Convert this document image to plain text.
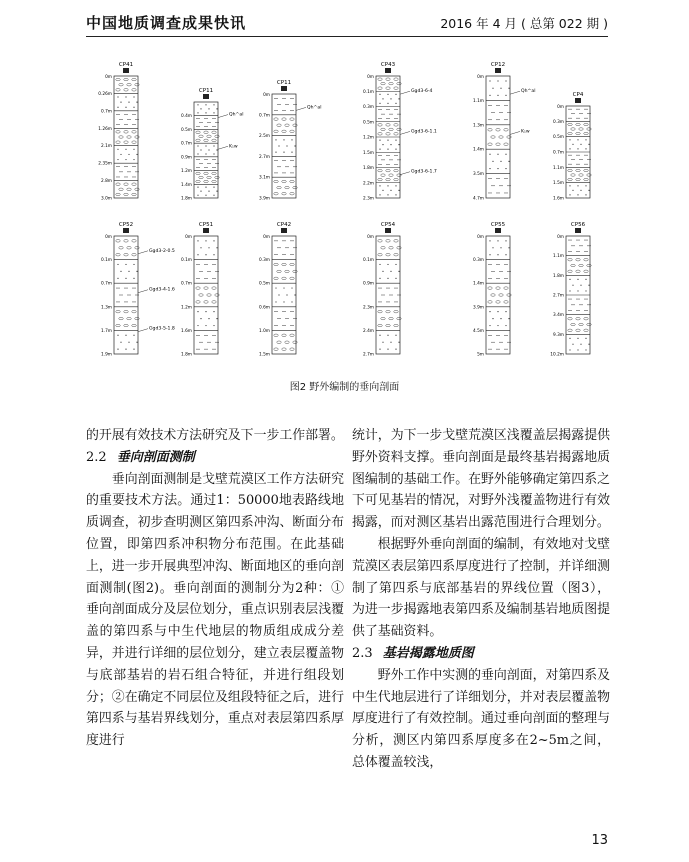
中国地质调查成果快讯	2016 年 4 月 ( 总第 022 期 )
CP41
0m
0.26m
0.7m
1.26m
2.1m
2.35m
2.8m
3.0m
CP11
0.4m
0.5m
0.7m
0.9m
1.2m
1.4m
1.8m
Qh^al
K₁w
CP11
0m
0.7m
2.5m
2.7m
3.1m
3.9m
Qh^al
CP43
0m
0.1m
0.3m
0.5m
1.2m
1.5m
1.8m
2.2m
2.3m
Ggd3-6-4
Ggd3-6-1.1
Ggd3-6-1.7
CP12
0m
1.1m
1.3m
1.4m
3.5m
4.7m
Qh^al
K₁w
CP4
0m
0.3m
0.5m
0.7m
1.1m
1.5m
1.6m
CP52
0m
0.1m
0.7m
1.3m
1.7m
1.9m
Ggd3-2-0.5
Ggd3-4-1.6
Ggd3-5-1.8
CP51
0m
0.1m
0.7m
1.2m
1.6m
1.8m
CP42
0m
0.3m
0.5m
0.6m
1.0m
1.5m
CP54
0m
0.1m
0.9m
2.3m
2.4m
2.7m
CP55
0m
0.3m
1.4m
3.9m
4.5m
5m
CP56
0m
1.1m
1.8m
2.7m
3.4m
9.3m
10.2m
图2 野外编制的垂向剖面

的开展有效技术方法研究及下一步工作部署。

2.2 垂向剖面测制

垂向剖面测制是戈壁荒漠区工作方法研究的重要技术方法。通过1：50000地表路线地质调查，初步查明测区第四系冲沟、断面分布位置，即第四系冲积物分布范围。在此基础上，进一步开展典型冲沟、断面地区的垂向剖面测制(图2)。垂向剖面的测制分为2种：①垂向剖面成分及层位划分，重点识别表层浅覆盖的第四系与中生代地层的物质组成成分差异，并进行详细的层位划分，建立表层覆盖物与底部基岩的岩石组合特征，并进行组段划分；②在确定不同层位及组段特征之后，进行第四系与基岩界线划分，重点对表层第四系厚度进行

统计，为下一步戈壁荒漠区浅覆盖层揭露提供野外资料支撑。垂向剖面是最终基岩揭露地质图编制的基础工作。在野外能够确定第四系之下可见基岩的情况，对野外浅覆盖物进行有效揭露，而对测区基岩出露范围进行合理划分。

根据野外垂向剖面的编制，有效地对戈壁荒漠区表层第四系厚度进行了控制，并详细测制了第四系与底部基岩的界线位置（图3），为进一步揭露地表第四系及编制基岩地质图提供了基础资料。

2.3 基岩揭露地质图

野外工作中实测的垂向剖面，对第四系及中生代地层进行了详细划分，并对表层覆盖物厚度进行了有效控制。通过垂向剖面的整理与分析，测区内第四系厚度多在2~5m之间，总体覆盖较浅，

13
